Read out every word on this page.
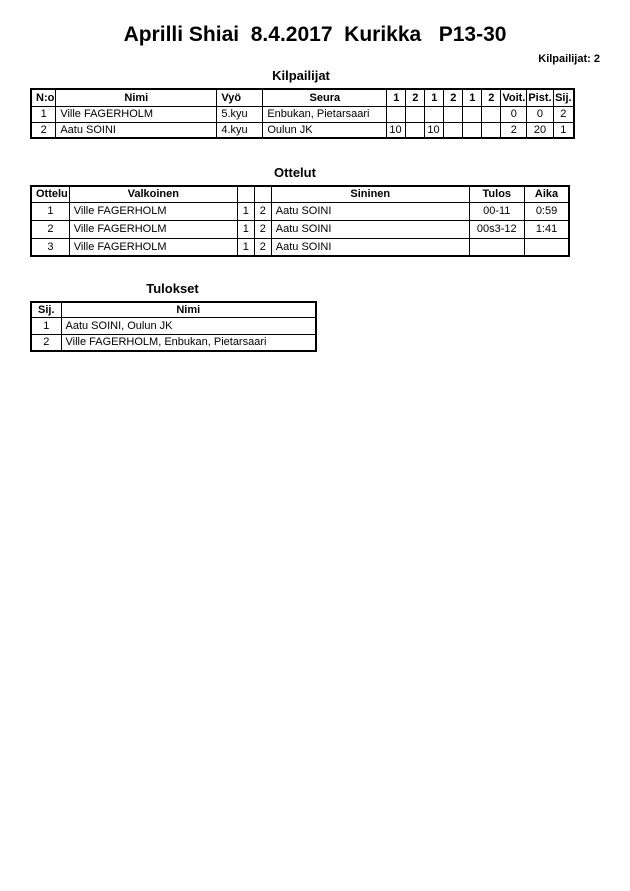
Aprilli Shiai  8.4.2017  Kurikka   P13-30
Kilpailijat: 2
Kilpailijat
N:o	Nimi	Vyö	Seura	1	2	1	2	1	2	Voit.	Pist.	Sij.
1	Ville FAGERHOLM	5.kyu	Enbukan, Pietarsaari							0	0	2
2	Aatu SOINI	4.kyu	Oulun JK	10		10				2	20	1
Ottelut
Ottelu	Valkoinen			Sininen	Tulos	Aika
1	Ville FAGERHOLM	1	2	Aatu SOINI	00-11	0:59
2	Ville FAGERHOLM	1	2	Aatu SOINI	00s3-12	1:41
3	Ville FAGERHOLM	1	2	Aatu SOINI		
Tulokset
Sij.	Nimi
1	Aatu SOINI, Oulun JK
2	Ville FAGERHOLM, Enbukan, Pietarsaari
